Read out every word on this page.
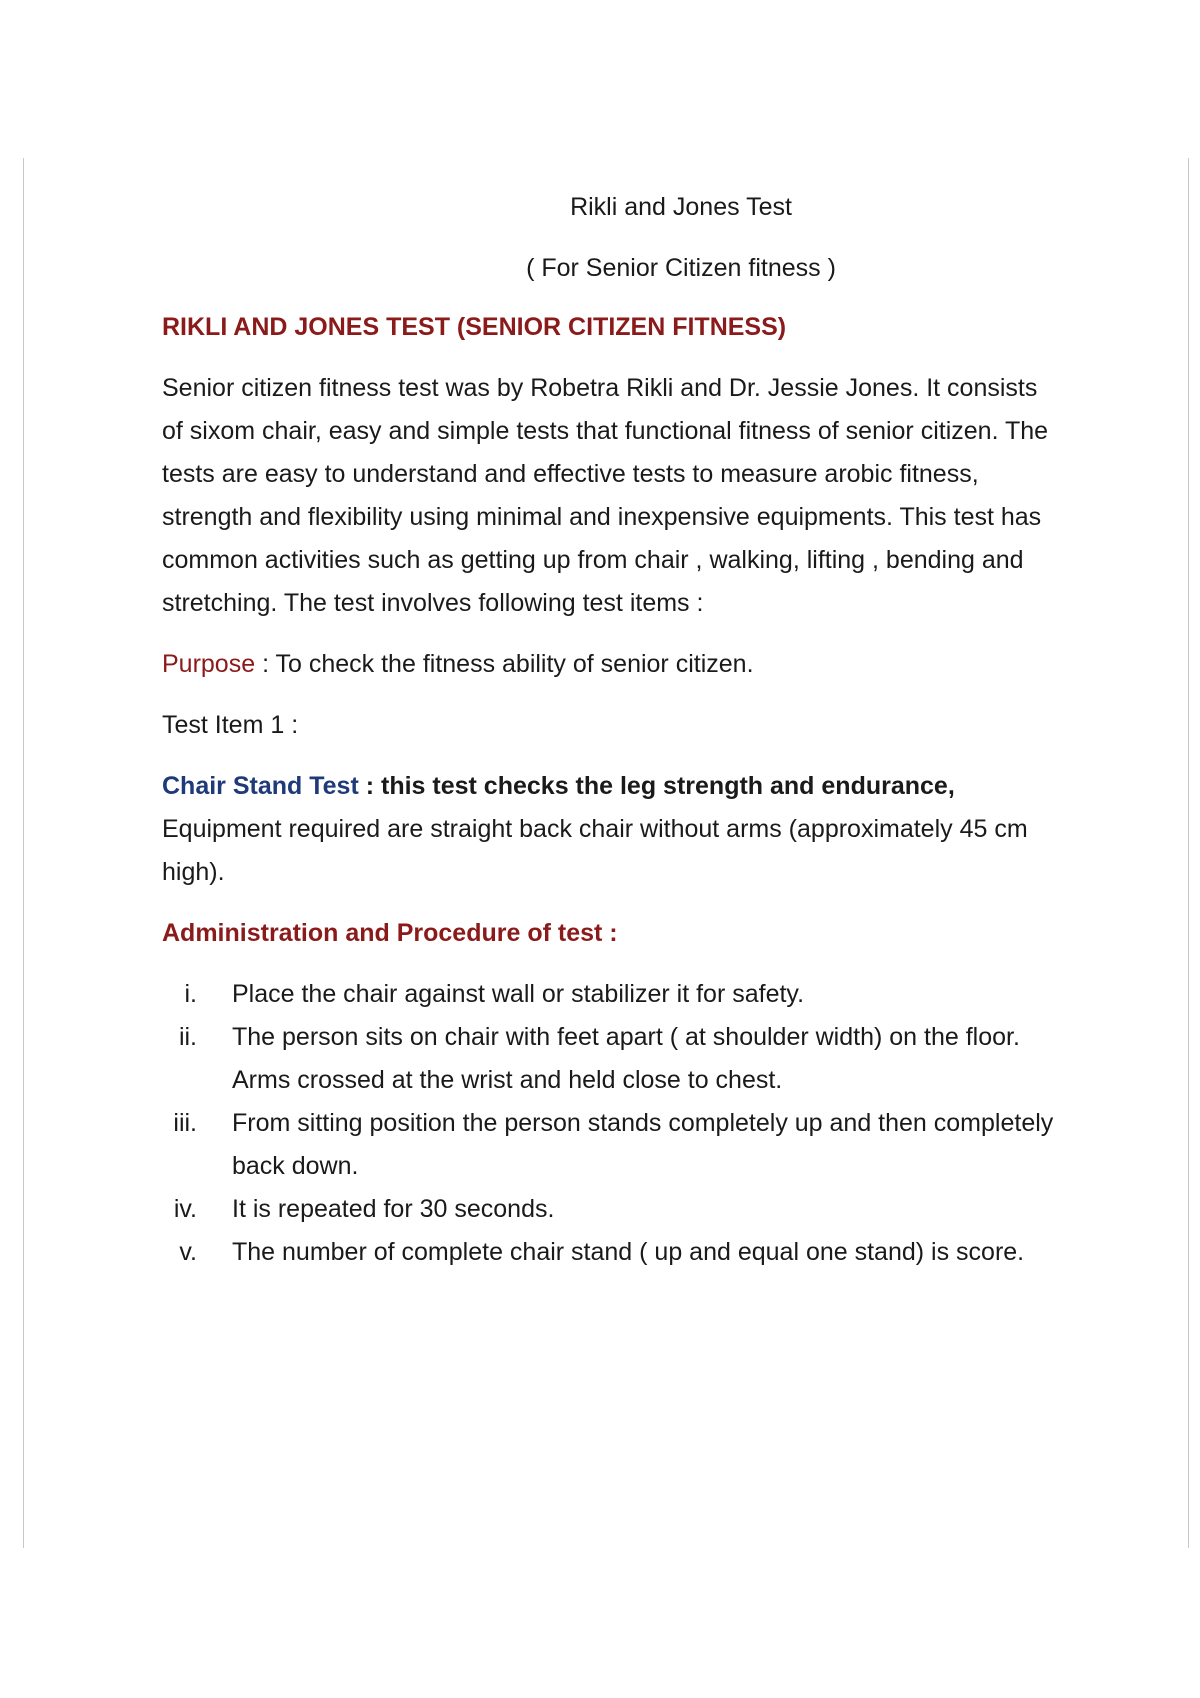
Rikli and Jones Test

( For Senior Citizen fitness )

RIKLI AND JONES TEST (SENIOR CITIZEN FITNESS)

Senior citizen fitness test was by Robetra Rikli and Dr. Jessie Jones. It consists of sixom chair, easy and simple tests that functional fitness of senior citizen. The tests are easy to understand and effective tests to measure arobic fitness, strength and flexibility using minimal and inexpensive equipments. This test has common activities such as getting up from chair , walking, lifting , bending and stretching. The test involves following test items :

Purpose : To check the fitness ability of senior citizen.

Test Item 1 :

Chair Stand Test : this test checks the leg strength and endurance, Equipment required are straight back chair without arms (approximately 45 cm high).

Administration and Procedure of test :

i.	Place the chair against wall or stabilizer it for safety.
ii.	The person sits on chair with feet apart ( at shoulder width) on the floor. Arms crossed at the wrist and held close to chest.
iii.	From sitting position the person stands completely up and then completely back down.
iv.	It is repeated for 30 seconds.
v.	The number of complete chair stand ( up and equal one stand) is score.
